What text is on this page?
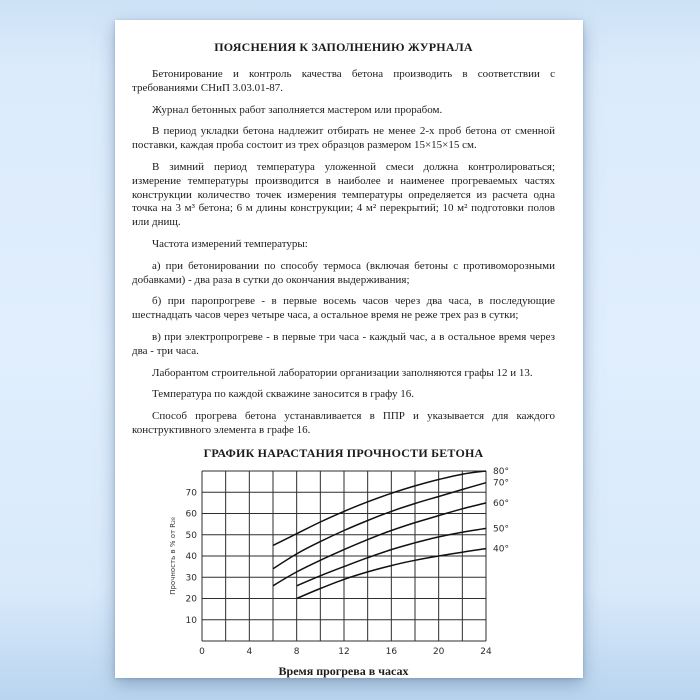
ПОЯСНЕНИЯ К ЗАПОЛНЕНИЮ ЖУРНАЛА

Бетонирование и контроль качества бетона производить в соответствии с требованиями СНиП 3.03.01-87.

Журнал бетонных работ заполняется мастером или прорабом.

В период укладки бетона надлежит отбирать не менее 2-х проб бетона от сменной поставки, каждая проба состоит из трех образцов размером 15×15×15 см.

В зимний период температура уложенной смеси должна контролироваться; измерение температуры производится в наиболее и наименее прогреваемых частях конструкции количество точек измерения температуры определяется из расчета одна точка на 3 м³ бетона; 6 м длины конструкции; 4 м² перекрытий; 10 м² подготовки полов или днищ.

Частота измерений температуры:

а) при бетонировании по способу термоса (включая бетоны с противоморозными добавками) - два раза в сутки до окончания выдерживания;

б) при паропрогреве - в первые восемь часов через два часа, в последующие шестнадцать часов через четыре часа, а остальное время не реже трех раз в сутки;

в) при электропрогреве - в первые три часа - каждый час, а в остальное время через два - три часа.

Лаборантом строительной лаборатории организации заполняются графы 12 и 13.

Температура по каждой скважине заносится в графу 16.

Способ прогрева бетона устанавливается в ППР и указывается для каждого конструктивного элемента в графе 16.

ГРАФИК НАРАСТАНИЯ ПРОЧНОСТИ БЕТОНА
10
20
30
40
50
60
70
0	4	8	12	16	20	24
Прочность в % от R₂₈
80°
70°
60°
50°
40°
Время прогрева в часах
